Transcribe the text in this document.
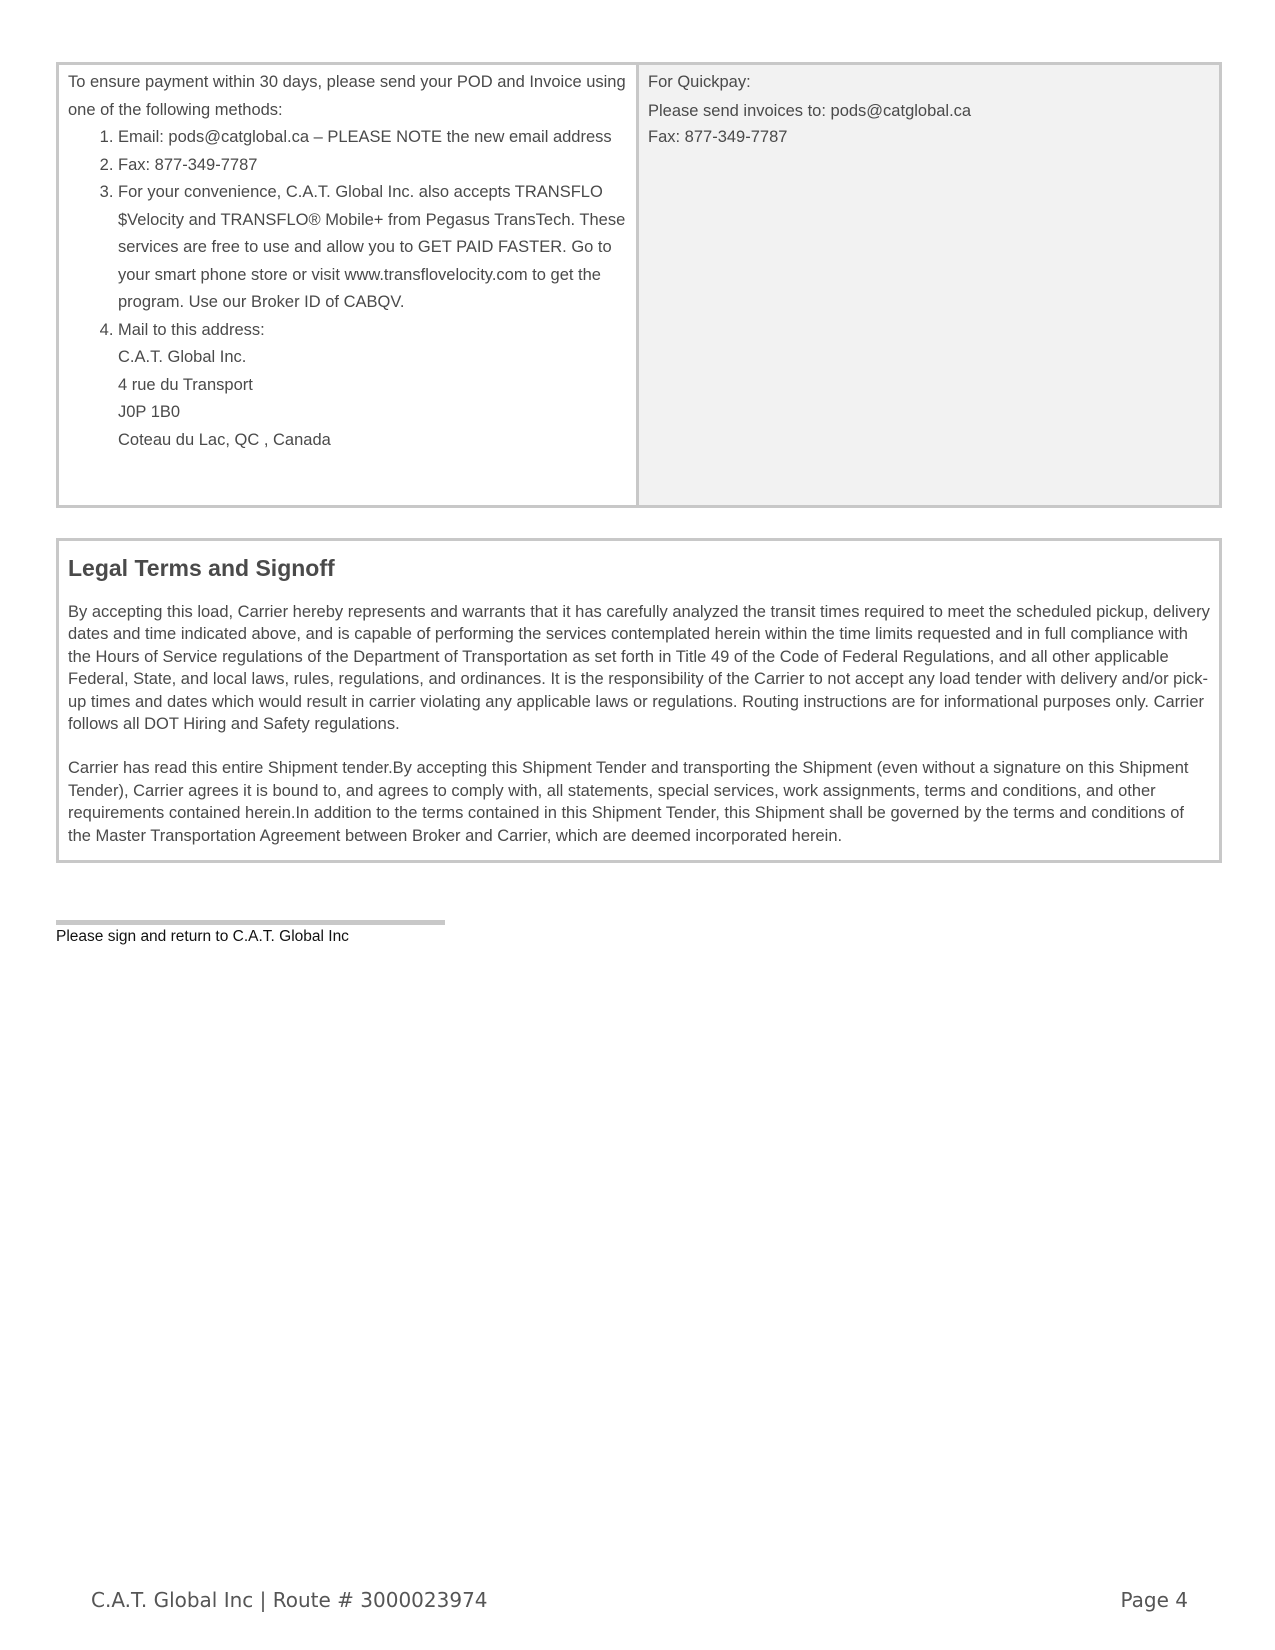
To ensure payment within 30 days, please send your POD and Invoice using one of the following methods:
1. Email: pods@catglobal.ca – PLEASE NOTE the new email address
2. Fax: 877-349-7787
3. For your convenience, C.A.T. Global Inc. also accepts TRANSFLO $Velocity and TRANSFLO® Mobile+ from Pegasus TransTech. These services are free to use and allow you to GET PAID FASTER. Go to your smart phone store or visit www.transflovelocity.com to get the program. Use our Broker ID of CABQV.
4. Mail to this address:
C.A.T. Global Inc.
4 rue du Transport
J0P 1B0
Coteau du Lac, QC , Canada

For Quickpay:

Please send invoices to: pods@catglobal.ca

Fax: 877-349-7787

Legal Terms and Signoff

By accepting this load, Carrier hereby represents and warrants that it has carefully analyzed the transit times required to meet the scheduled pickup, delivery dates and time indicated above, and is capable of performing the services contemplated herein within the time limits requested and in full compliance with the Hours of Service regulations of the Department of Transportation as set forth in Title 49 of the Code of Federal Regulations, and all other applicable Federal, State, and local laws, rules, regulations, and ordinances. It is the responsibility of the Carrier to not accept any load tender with delivery and/or pick-up times and dates which would result in carrier violating any applicable laws or regulations. Routing instructions are for informational purposes only. Carrier follows all DOT Hiring and Safety regulations.

Carrier has read this entire Shipment tender.By accepting this Shipment Tender and transporting the Shipment (even without a signature on this Shipment Tender), Carrier agrees it is bound to, and agrees to comply with, all statements, special services, work assignments, terms and conditions, and other requirements contained herein.In addition to the terms contained in this Shipment Tender, this Shipment shall be governed by the terms and conditions of the Master Transportation Agreement between Broker and Carrier, which are deemed incorporated herein.

Please sign and return to C.A.T. Global Inc
C.A.T. Global Inc | Route # 3000023974	Page 4
